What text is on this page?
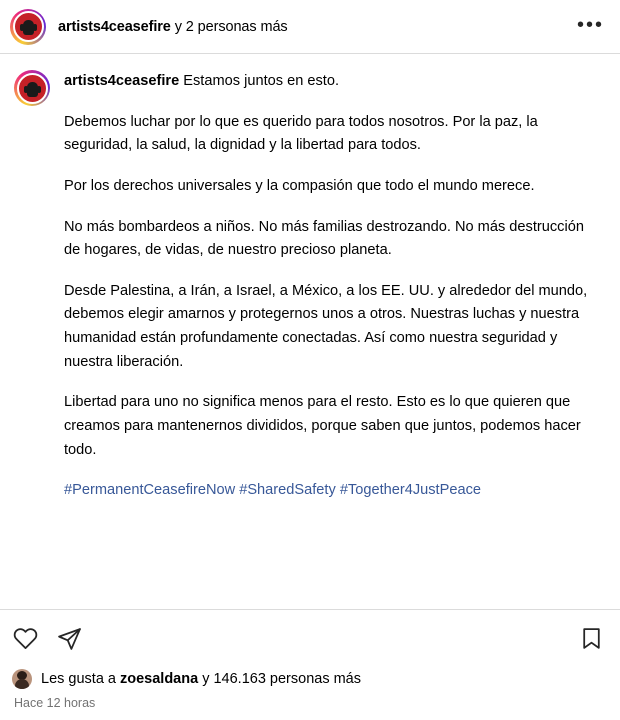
artists4ceasefire y 2 personas más	•••

artists4ceasefire Estamos juntos en esto.

Debemos luchar por lo que es querido para todos nosotros. Por la paz, la seguridad, la salud, la dignidad y la libertad para todos.

Por los derechos universales y la compasión que todo el mundo merece.

No más bombardeos a niños. No más familias destrozando. No más destrucción de hogares, de vidas, de nuestro precioso planeta.

Desde Palestina, a Irán, a Israel, a México, a los EE. UU. y alrededor del mundo, debemos elegir amarnos y protegernos unos a otros. Nuestras luchas y nuestra humanidad están profundamente conectadas. Así como nuestra seguridad y nuestra liberación.

Libertad para uno no significa menos para el resto. Esto es lo que quieren que creamos para mantenernos divididos, porque saben que juntos, podemos hacer todo.

#PermanentCeasefireNow #SharedSafety #Together4JustPeace

Les gusta a zoesaldana y 146.163 personas más
Hace 12 horas
